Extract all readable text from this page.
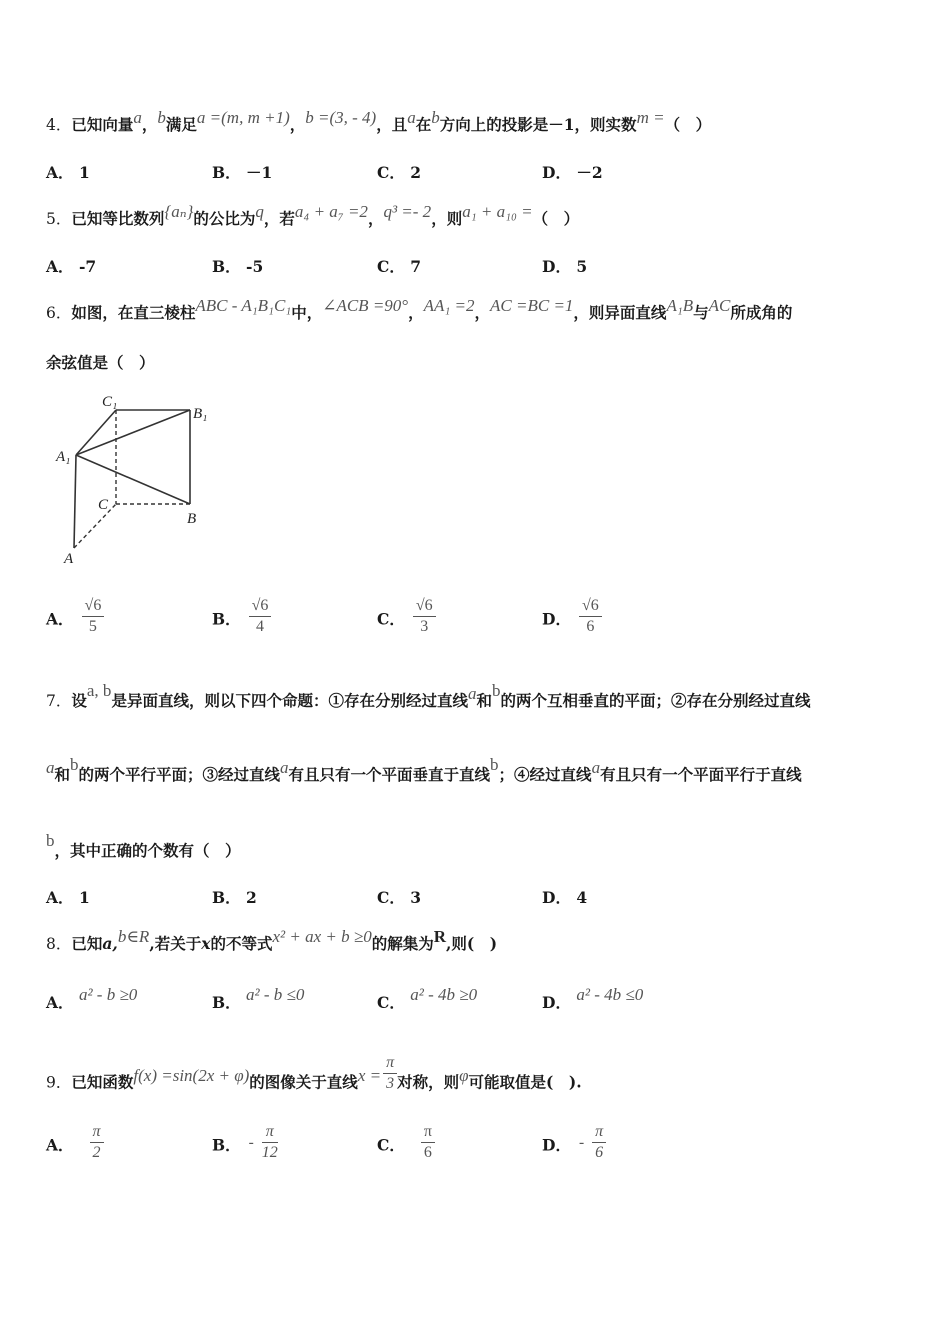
4．已知向量a，b满足a =(m, m +1)，b =(3, - 4)，且a在b方向上的投影是－1，则实数m =（　）
A． 1	B． －1	C． 2	D． －2
5．已知等比数列{aₙ}的公比为q，若a₄ + a₇ =2，q³ =- 2，则a₁ + a₁₀ =（　）
A． -7	B． -5	C． 7	D． 5
6．如图，在直三棱柱ABC - A₁B₁C₁中，∠ACB =90°，AA₁ =2，AC =BC =1，则异面直线A₁B与AC所成角的
余弦值是（　）
C₁
B₁
A₁
C
B
A
A． $\frac{√6}{5}$	B． $\frac{√6}{4}$	C． $\frac{√6}{3}$	D． $\frac{√6}{6}$
7．设a, b是异面直线，则以下四个命题：①存在分别经过直线a和b的两个互相垂直的平面；②存在分别经过直线
a和b的两个平行平面；③经过直线a有且只有一个平面垂直于直线b；④经过直线a有且只有一个平面平行于直线
b，其中正确的个数有（　）
A． 1	B． 2	C． 3	D． 4
8．已知a,b∈R,若关于x的不等式x² + ax + b ≥0的解集为R,则(　)
A． a² - b ≥0	B． a² - b ≤0	C． a² - 4b ≥0	D． a² - 4b ≤0
9．已知函数f(x) =sin(2x + φ)的图像关于直线$x = \frac{\pi}{3}$ 对称，则φ可能取值是(　).
A． $\frac{\pi}{2}$	B． - $\frac{\pi}{12}$	C． $\frac{\pi}{6}$	D． - $\frac{\pi}{6}$
